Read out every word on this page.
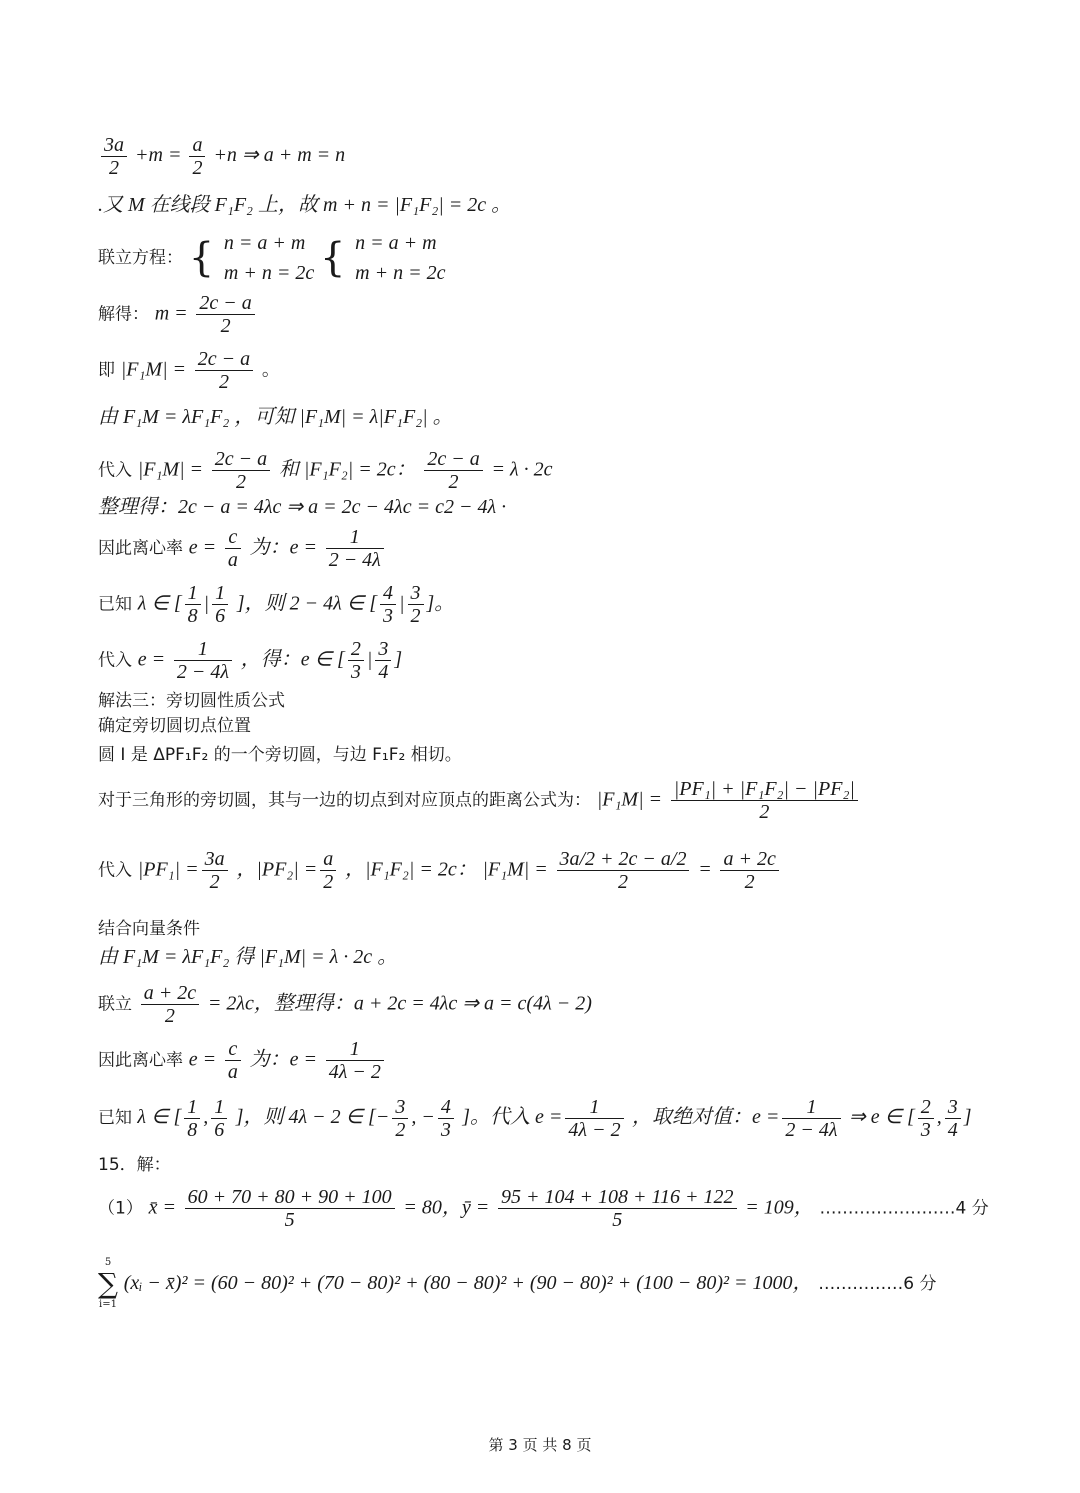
$\frac{3a}{2} +m = \frac{a}{2} +n$ ⇒ a + m = n
.又 M 在线段 F₁F₂ 上，故 m + n = |F₁F₂| = 2c 。
联立方程： { n = a + m
m + n = 2c { n = a + m
m + n = 2c
解得： $m = \frac{2c - a}{2}$
即 $|F_1M| = \frac{2c - a}{2}$ 。
由 F₁M = λF₁F₂ ，可知 |F₁M| = λ|F₁F₂| 。
代入 $|F_1M| = \frac{2c - a}{2}$ 和 |F₁F₂| = 2c： $\frac{2c - a}{2} = \lambda \cdot 2c$
整理得：2c − a = 4λc ⇒ a = 2c − 4λc = c2 − 4λ ·
因此离心率 $e = \frac{c}{a}$ 为：$e = \frac{1}{2 - 4\lambda}$
已知 λ ∈ [ $\frac{1}{8}$ | $\frac{1}{6}$ ]，则 2 − 4λ ∈ [ $\frac{4}{3}$ | $\frac{3}{2}$ ]。
代入 $e = \frac{1}{2 - 4\lambda}$ ，得：e ∈ [ $\frac{2}{3}$ | $\frac{3}{4}$ ]
解法三：旁切圆性质公式
确定旁切圆切点位置
圆 I 是 ΔPF₁F₂ 的一个旁切圆，与边 F₁F₂ 相切。
对于三角形的旁切圆，其与一边的切点到对应顶点的距离公式为： $|F_1M| = \frac{\text{|PF₁| + |F₁F₂| − |PF₂|}}{2}$
代入 $|PF_1| = \frac{3a}{2}$ ，$|PF_2| = \frac{a}{2}$ ，|F₁F₂| = 2c： $|F_1M| = \frac{3a/2 + 2c - a/2}{2} = \frac{a + 2c}{2}$
结合向量条件
由 F₁M = λF₁F₂ 得 |F₁M| = λ · 2c 。
联立 $\frac{a + 2c}{2} = 2\lambda c$，整理得：a + 2c = 4λc ⇒ a = c(4λ − 2)
因此离心率 $e = \frac{c}{a}$ 为：$e = \frac{1}{4\lambda - 2}$
已知 λ ∈ [ $\frac{1}{8}$ , $\frac{1}{6}$ ]，则 4λ − 2 ∈ [− $\frac{3}{2}$ , − $\frac{4}{3}$ ]。代入 $e = \frac{1}{4\lambda - 2}$ ，取绝对值：$e = \frac{1}{2 - 4\lambda}$ ⇒ e ∈ [ $\frac{2}{3}$ , $\frac{3}{4}$ ]
15．解：
（1） x̄ = $\frac{60 + 70 + 80 + 90 + 100}{5} = 80$，ȳ = $\frac{95 + 104 + 108 + 116 + 122}{5} = 109$， ……………………4 分
5
∑
i=1
(xᵢ − x̄)² = (60 − 80)² + (70 − 80)² + (80 − 80)² + (90 − 80)² + (100 − 80)² = 1000， ……………6 分
第 3 页 共 8 页
